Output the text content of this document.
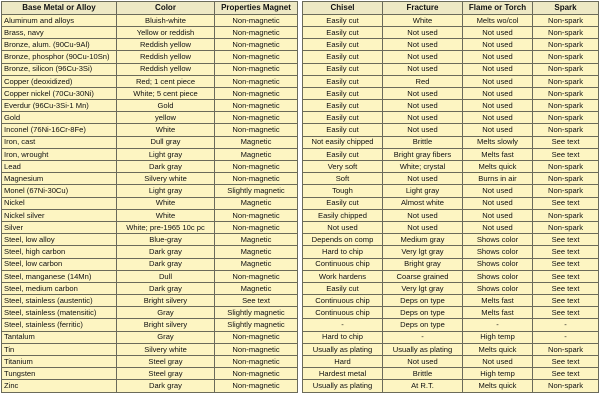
Base Metal or Alloy	Color	Properties Magnet
Aluminum and alloys	Bluish-white	Non-magnetic
Brass, navy	Yellow or reddish	Non-magnetic
Bronze, alum. (90Cu-9Al)	Reddish yellow	Non-magnetic
Bronze, phosphor (90Cu-10Sn)	Reddish yellow	Non-magnetic
Bronze, silicon (96Cu-3Si)	Reddish yellow	Non-magnetic
Copper (deoxidized)	Red; 1 cent piece	Non-magnetic
Copper nickel (70Cu-30Ni)	White; 5 cent piece	Non-magnetic
Everdur (96Cu-3Si-1 Mn)	Gold	Non-magnetic
Gold	yellow	Non-magnetic
Inconel (76Ni-16Cr-8Fe)	White	Non-magnetic
Iron, cast	Dull gray	Magnetic
Iron, wrought	Light gray	Magnetic
Lead	Dark gray	Non-magnetic
Magnesium	Silvery white	Non-magnetic
Monel (67Ni-30Cu)	Light gray	Slightly magnetic
Nickel	White	Magnetic
Nickel silver	White	Non-magnetic
Silver	White; pre-1965 10c pc	Non-magnetic
Steel, low alloy	Blue-gray	Magnetic
Steel, high carbon	Dark gray	Magnetic
Steel, low carbon	Dark gray	Magnetic
Steel, manganese (14Mn)	Dull	Non-magnetic
Steel, medium carbon	Dark gray	Magnetic
Steel, stainless (austentic)	Bright silvery	See text
Steel, stainless (matensitic)	Gray	Slightly magnetic
Steel, stainless (ferritic)	Bright silvery	Slightly magnetic
Tantalum	Gray	Non-magnetic
Tin	Silvery white	Non-magnetic
Titanium	Steel gray	Non-magnetic
Tungsten	Steel gray	Non-magnetic
Zinc	Dark gray	Non-magnetic
Chisel	Fracture	Flame or Torch	Spark
Easily cut	White	Melts wo/col	Non-spark
Easily cut	Not used	Not used	Non-spark
Easily cut	Not used	Not used	Non-spark
Easily cut	Not used	Not used	Non-spark
Easily cut	Not used	Not used	Non-spark
Easily cut	Red	Not used	Non-spark
Easily cut	Not used	Not used	Non-spark
Easily cut	Not used	Not used	Non-spark
Easily cut	Not used	Not used	Non-spark
Easily cut	Not used	Not used	Non-spark
Not easily chipped	Brittle	Melts slowly	See text
Easily cut	Bright gray fibers	Melts fast	See text
Very soft	White; crystal	Melts quick	Non-spark
Soft	Not used	Burns in air	Non-spark
Tough	Light gray	Not used	Non-spark
Easily cut	Almost white	Not used	See text
Easily chipped	Not used	Not used	Non-spark
Not used	Not used	Not used	Non-spark
Depends on comp	Medium gray	Shows color	See text
Hard to chip	Very lgt gray	Shows color	See text
Continuous chip	Bright gray	Shows color	See text
Work hardens	Coarse grained	Shows color	See text
Easily cut	Very lgt gray	Shows color	See text
Continuous chip	Deps on type	Melts fast	See text
Continuous chip	Deps on type	Melts fast	See text
-	Deps on type	-	-
Hard to chip	-	High temp	-
Usually as plating	Usually as plating	Melts quick	Non-spark
Hard	Not used	Not used	See text
Hardest metal	Brittle	High temp	See text
Usually as plating	At R.T.	Melts quick	Non-spark
